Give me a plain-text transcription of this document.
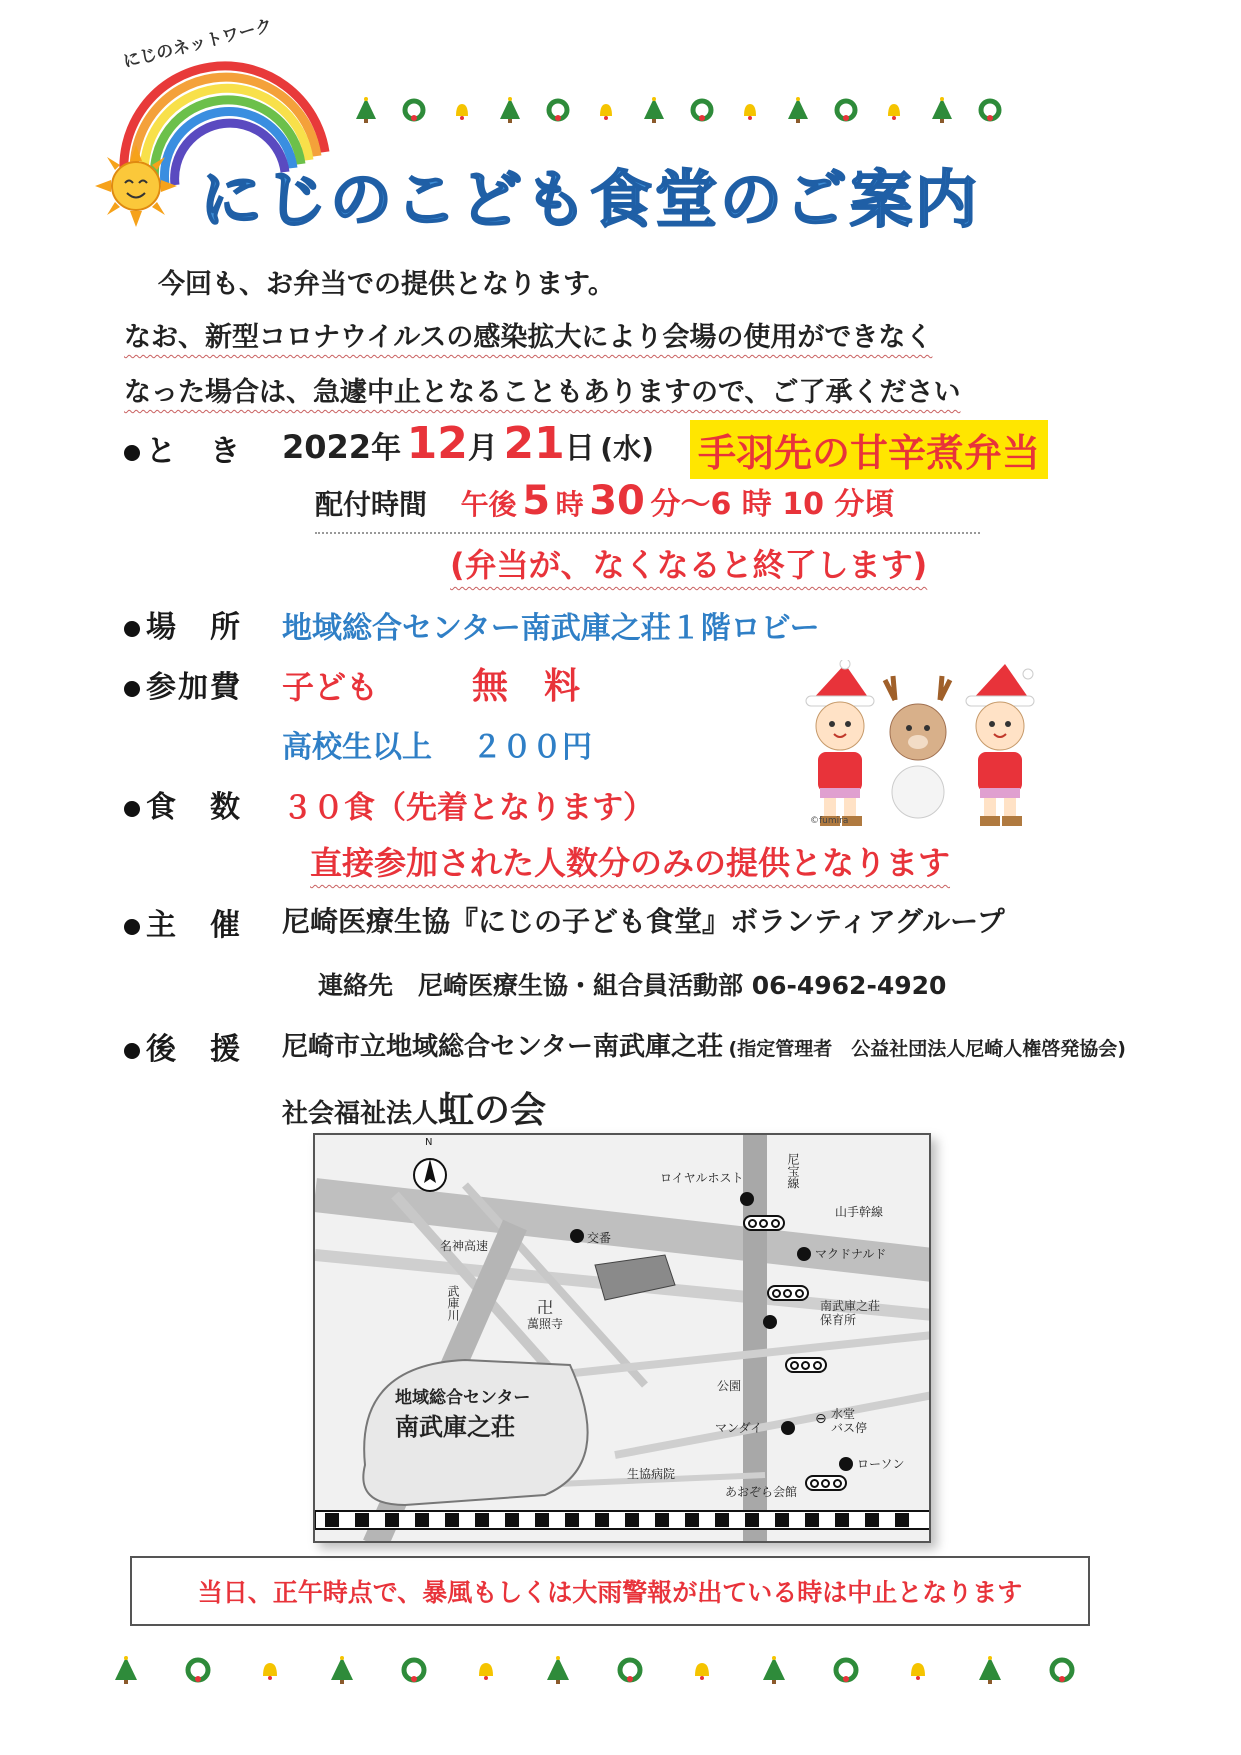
にじのネットワーク
にじのこども食堂のご案内
今回も、お弁当での提供となります。
なお、新型コロナウイルスの感染拡大により会場の使用ができなく
なった場合は、急遽中止となることもありますので、ご了承ください
と　き 2022年 12月 21日 (水) 手羽先の甘辛煮弁当
配付時間 午後 5 時 30 分～6 時 10 分頃
(弁当が、なくなると終了します)
場　所 地域総合センター南武庫之荘１階ロビー
参加費 子ども	無　料
高校生以上 ２００円
©fumira
食　数 ３０食（先着となります）
直接参加された人数分のみの提供となります
主　催 尼崎医療生協『にじの子ども食堂』ボランティアグループ
連絡先　尼崎医療生協・組合員活動部 06-4962-4920
後　援 尼崎市立地域総合センター南武庫之荘 (指定管理者　公益社団法人尼崎人権啓発協会)
社会福祉法人虹の会
N
ロイヤルホスト	尼宝線
山手幹線
交番
名神高速
マクドナルド
武庫川	卍
萬照寺
南武庫之荘
保育所
公園
地域総合センター
南武庫之荘	マンダイ
⊖ 水堂
バス停
ローソン
生協病院
あおぞら会館
当日、正午時点で、暴風もしくは大雨警報が出ている時は中止となります
